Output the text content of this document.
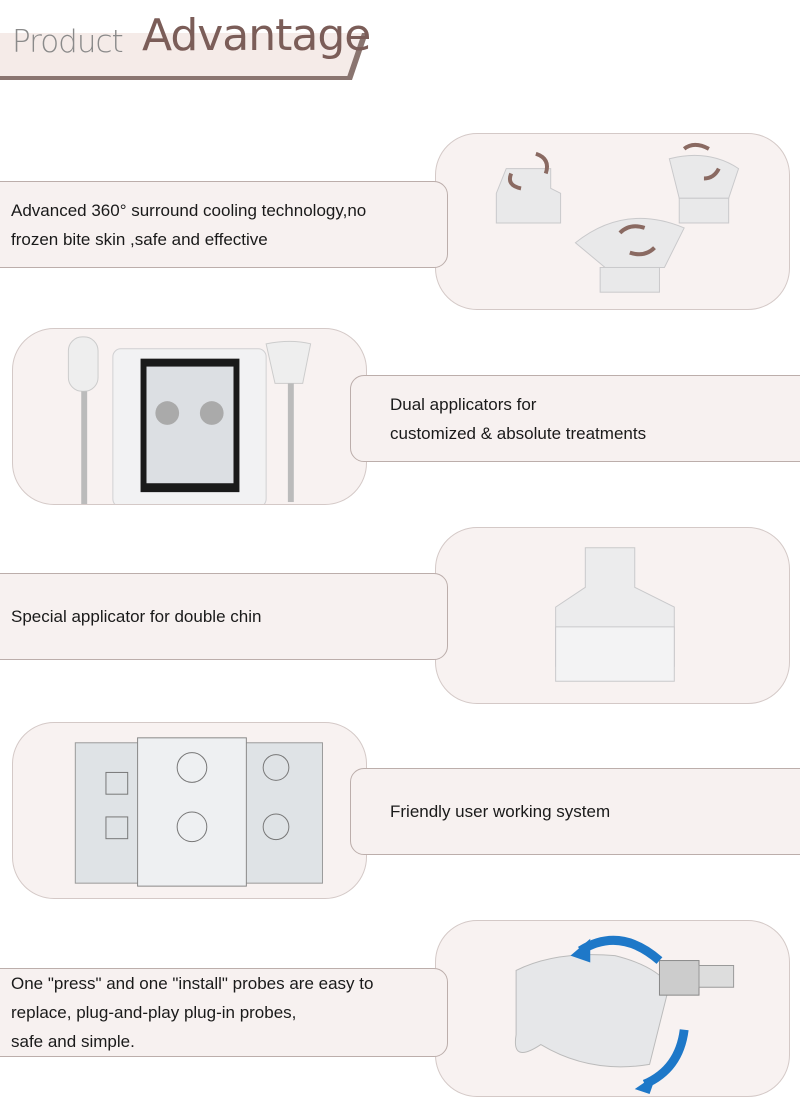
Product Advantage
Advanced 360° surround cooling technology,no
frozen bite skin ,safe and effective
Dual applicators for
customized & absolute treatments
Special applicator for double chin
Friendly user working system
One "press" and one "install" probes are easy to
replace, plug-and-play plug-in probes,
safe and simple.
